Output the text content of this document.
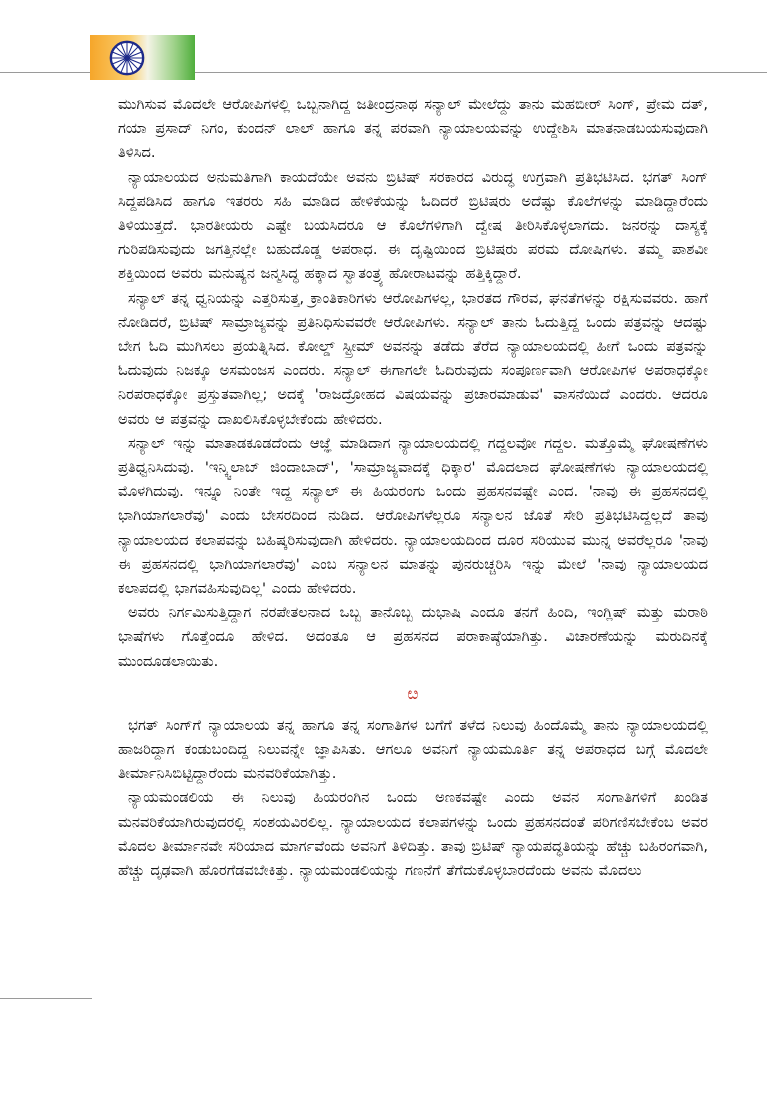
ಮುಗಿಸುವ ಮೊದಲೇ ಆರೋಪಿಗಳಲ್ಲಿ ಒಬ್ಬನಾಗಿದ್ದ ಜತೀಂದ್ರನಾಥ ಸನ್ಯಾಲ್ ಮೇಲೆದ್ದು ತಾನು ಮಹಬೀರ್ ಸಿಂಗ್, ಪ್ರೇಮ ದತ್, ಗಯಾ ಪ್ರಸಾದ್ ನಿಗಂ, ಕುಂದನ್ ಲಾಲ್ ಹಾಗೂ ತನ್ನ ಪರವಾಗಿ ನ್ಯಾಯಾಲಯವನ್ನು ಉದ್ದೇಶಿಸಿ ಮಾತನಾಡಬಯಸುವುದಾಗಿ ತಿಳಿಸಿದ.

ನ್ಯಾಯಾಲಯದ ಅನುಮತಿಗಾಗಿ ಕಾಯದೆಯೇ ಅವನು ಬ್ರಿಟಿಷ್ ಸರಕಾರದ ವಿರುದ್ಧ ಉಗ್ರವಾಗಿ ಪ್ರತಿಭಟಿಸಿದ. ಭಗತ್ ಸಿಂಗ್ ಸಿದ್ದಪಡಿಸಿದ ಹಾಗೂ ಇತರರು ಸಹಿ ಮಾಡಿದ ಹೇಳಿಕೆಯನ್ನು ಓದಿದರೆ ಬ್ರಿಟಿಷರು ಅದೆಷ್ಟು ಕೊಲೆಗಳನ್ನು ಮಾಡಿದ್ದಾರೆಂದು ತಿಳಿಯುತ್ತದೆ. ಭಾರತೀಯರು ಎಷ್ಟೇ ಬಯಸಿದರೂ ಆ ಕೊಲೆಗಳಿಗಾಗಿ ದ್ವೇಷ ತೀರಿಸಿಕೊಳ್ಳಲಾಗದು. ಜನರನ್ನು ದಾಸ್ಯಕ್ಕೆ ಗುರಿಪಡಿಸುವುದು ಜಗತ್ತಿನಲ್ಲೇ ಬಹುದೊಡ್ಡ ಅಪರಾಧ. ಈ ದೃಷ್ಟಿಯಿಂದ ಬ್ರಿಟಿಷರು ಪರಮ ದೋಷಿಗಳು. ತಮ್ಮ ಪಾಶವೀ ಶಕ್ತಿಯಿಂದ ಅವರು ಮನುಷ್ಯನ ಜನ್ಮಸಿದ್ಧ ಹಕ್ಕಾದ ಸ್ವಾತಂತ್ರ್ಯ ಹೋರಾಟವನ್ನು ಹತ್ತಿಕ್ಕಿದ್ದಾರೆ.

ಸನ್ಯಾಲ್ ತನ್ನ ಧ್ವನಿಯನ್ನು ಎತ್ತರಿಸುತ್ತ, ಕ್ರಾಂತಿಕಾರಿಗಳು ಆರೋಪಿಗಳಲ್ಲ, ಭಾರತದ ಗೌರವ, ಘನತೆಗಳನ್ನು ರಕ್ಷಿಸುವವರು. ಹಾಗೆ ನೋಡಿದರೆ, ಬ್ರಿಟಿಷ್ ಸಾಮ್ರಾಜ್ಯವನ್ನು ಪ್ರತಿನಿಧಿಸುವವರೇ ಆರೋಪಿಗಳು. ಸನ್ಯಾಲ್ ತಾನು ಓದುತ್ತಿದ್ದ ಒಂದು ಪತ್ರವನ್ನು ಆದಷ್ಟು ಬೇಗ ಓದಿ ಮುಗಿಸಲು ಪ್ರಯತ್ನಿಸಿದ. ಕೋಲ್ಡ್ ಸ್ಟ್ರೀಮ್ ಅವನನ್ನು ತಡೆದು ತೆರೆದ ನ್ಯಾಯಾಲಯದಲ್ಲಿ ಹೀಗೆ ಒಂದು ಪತ್ರವನ್ನು ಓದುವುದು ನಿಜಕ್ಕೂ ಅಸಮಂಜಸ ಎಂದರು. ಸನ್ಯಾಲ್ ಈಗಾಗಲೇ ಓದಿರುವುದು ಸಂಪೂರ್ಣವಾಗಿ ಆರೋಪಿಗಳ ಅಪರಾಧಕ್ಕೋ ನಿರಪರಾಧಕ್ಕೋ ಪ್ರಸ್ತುತವಾಗಿಲ್ಲ; ಅದಕ್ಕೆ 'ರಾಜದ್ರೋಹದ ವಿಷಯವನ್ನು ಪ್ರಚಾರಮಾಡುವ' ವಾಸನೆಯಿದೆ ಎಂದರು. ಆದರೂ ಅವರು ಆ ಪತ್ರವನ್ನು ದಾಖಲಿಸಿಕೊಳ್ಳಬೇಕೆಂದು ಹೇಳಿದರು.

ಸನ್ಯಾಲ್ ಇನ್ನು ಮಾತಾಡಕೂಡದೆಂದು ಆಜ್ಞೆ ಮಾಡಿದಾಗ ನ್ಯಾಯಾಲಯದಲ್ಲಿ ಗದ್ದಲವೋ ಗದ್ದಲ. ಮತ್ತೊಮ್ಮೆ ಘೋಷಣೆಗಳು ಪ್ರತಿಧ್ವನಿಸಿದುವು. 'ಇನ್ಕ್ವಿಲಾಬ್ ಜಿಂದಾಬಾದ್', 'ಸಾಮ್ರಾಜ್ಯವಾದಕ್ಕೆ ಧಿಕ್ಕಾರ' ಮೊದಲಾದ ಘೋಷಣೆಗಳು ನ್ಯಾಯಾಲಯದಲ್ಲಿ ಮೊಳಗಿದುವು. ಇನ್ನೂ ನಿಂತೇ ಇದ್ದ ಸನ್ಯಾಲ್ ಈ ಹಿಯರಂಗು ಒಂದು ಪ್ರಹಸನವಷ್ಟೇ ಎಂದ. 'ನಾವು ಈ ಪ್ರಹಸನದಲ್ಲಿ ಭಾಗಿಯಾಗಲಾರೆವು' ಎಂದು ಬೇಸರದಿಂದ ನುಡಿದ. ಆರೋಪಿಗಳೆಲ್ಲರೂ ಸನ್ಯಾಲನ ಜೊತೆ ಸೇರಿ ಪ್ರತಿಭಟಿಸಿದ್ದಲ್ಲದೆ ತಾವು ನ್ಯಾಯಾಲಯದ ಕಲಾಪವನ್ನು ಬಹಿಷ್ಕರಿಸುವುದಾಗಿ ಹೇಳಿದರು. ನ್ಯಾಯಾಲಯದಿಂದ ದೂರ ಸರಿಯುವ ಮುನ್ನ ಅವರೆಲ್ಲರೂ 'ನಾವು ಈ ಪ್ರಹಸನದಲ್ಲಿ ಭಾಗಿಯಾಗಲಾರೆವು' ಎಂಬ ಸನ್ಯಾಲನ ಮಾತನ್ನು ಪುನರುಚ್ಚರಿಸಿ ಇನ್ನು ಮೇಲೆ 'ನಾವು ನ್ಯಾಯಾಲಯದ ಕಲಾಪದಲ್ಲಿ ಭಾಗವಹಿಸುವುದಿಲ್ಲ' ಎಂದು ಹೇಳಿದರು.

ಅವರು ನಿರ್ಗಮಿಸುತ್ತಿದ್ದಾಗ ನರಪೇತಲನಾದ ಒಬ್ಬ ತಾನೊಬ್ಬ ದುಭಾಷಿ ಎಂದೂ ತನಗೆ ಹಿಂದಿ, ಇಂಗ್ಲಿಷ್ ಮತ್ತು ಮರಾಠಿ ಭಾಷೆಗಳು ಗೊತ್ತೆಂದೂ ಹೇಳಿದ. ಅದಂತೂ ಆ ಪ್ರಹಸನದ ಪರಾಕಾಷ್ಠೆಯಾಗಿತ್ತು. ವಿಚಾರಣೆಯನ್ನು ಮರುದಿನಕ್ಕೆ ಮುಂದೂಡಲಾಯಿತು.

ೞ

ಭಗತ್ ಸಿಂಗ್‌ಗೆ ನ್ಯಾಯಾಲಯ ತನ್ನ ಹಾಗೂ ತನ್ನ ಸಂಗಾತಿಗಳ ಬಗೆಗೆ ತಳೆದ ನಿಲುವು ಹಿಂದೊಮ್ಮೆ ತಾನು ನ್ಯಾಯಾಲಯದಲ್ಲಿ ಹಾಜರಿದ್ದಾಗ ಕಂಡುಬಂದಿದ್ದ ನಿಲುವನ್ನೇ ಜ್ಞಾಪಿಸಿತು. ಆಗಲೂ ಅವನಿಗೆ ನ್ಯಾಯಮೂರ್ತಿ ತನ್ನ ಅಪರಾಧದ ಬಗ್ಗೆ ಮೊದಲೇ ತೀರ್ಮಾನಿಸಿಬಿಟ್ಟಿದ್ದಾರೆಂದು ಮನವರಿಕೆಯಾಗಿತ್ತು.

ನ್ಯಾಯಮಂಡಲಿಯ ಈ ನಿಲುವು ಹಿಯರಂಗಿನ ಒಂದು ಅಣಕವಷ್ಟೇ ಎಂದು ಅವನ ಸಂಗಾತಿಗಳಿಗೆ ಖಂಡಿತ ಮನವರಿಕೆಯಾಗಿರುವುದರಲ್ಲಿ ಸಂಶಯವಿರಲಿಲ್ಲ. ನ್ಯಾಯಾಲಯದ ಕಲಾಪಗಳನ್ನು ಒಂದು ಪ್ರಹಸನದಂತೆ ಪರಿಗಣಿಸಬೇಕೆಂಬ ಅವರ ಮೊದಲ ತೀರ್ಮಾನವೇ ಸರಿಯಾದ ಮಾರ್ಗವೆಂದು ಅವನಿಗೆ ತಿಳಿದಿತ್ತು. ತಾವು ಬ್ರಿಟಿಷ್ ನ್ಯಾಯಪದ್ಧತಿಯನ್ನು ಹೆಚ್ಚು ಬಹಿರಂಗವಾಗಿ, ಹೆಚ್ಚು ದೃಢವಾಗಿ ಹೊರಗೆಡವಬೇಕಿತ್ತು. ನ್ಯಾಯಮಂಡಲಿಯನ್ನು ಗಣನೆಗೆ ತೆಗೆದುಕೊಳ್ಳಬಾರದೆಂದು ಅವನು ಮೊದಲು
